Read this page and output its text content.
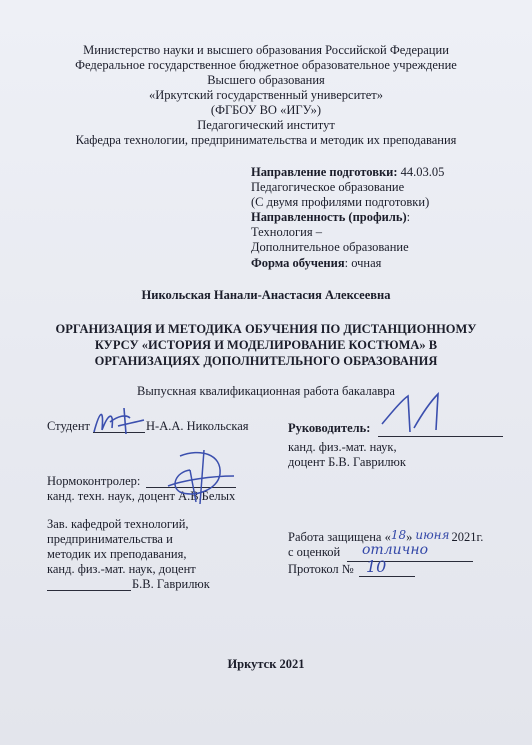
Министерство науки и высшего образования Российской Федерации
Федеральное государственное бюджетное образовательное учреждение
Высшего образования
«Иркутский государственный университет»
(ФГБОУ ВО «ИГУ»)
Педагогический институт
Кафедра технологии, предпринимательства и методик их преподавания
Направление подготовки: 44.03.05
Педагогическое образование
(С двумя профилями подготовки)
Направленность (профиль):
Технология –
Дополнительное образование
Форма обучения: очная
Никольская Нанали-Анастасия Алексеевна
ОРГАНИЗАЦИЯ И МЕТОДИКА ОБУЧЕНИЯ ПО ДИСТАНЦИОННОМУ
КУРСУ «ИСТОРИЯ И МОДЕЛИРОВАНИЕ КОСТЮМА» В
ОРГАНИЗАЦИЯХ ДОПОЛНИТЕЛЬНОГО ОБРАЗОВАНИЯ
Выпускная квалификационная работа бакалавра
Студент	Н-А.А. Никольская	Руководитель:
канд. физ.-мат. наук,
доцент Б.В. Гаврилюк
Нормоконтролер:
канд. техн. наук, доцент А.В.Белых
Зав. кафедрой технологий,
предпринимательства и
методик их преподавания,
канд. физ.-мат. наук, доцент
Б.В. Гаврилюк
Работа защищена «18» июня 2021г.
с оценкой отлично
Протокол № 10
Иркутск 2021
